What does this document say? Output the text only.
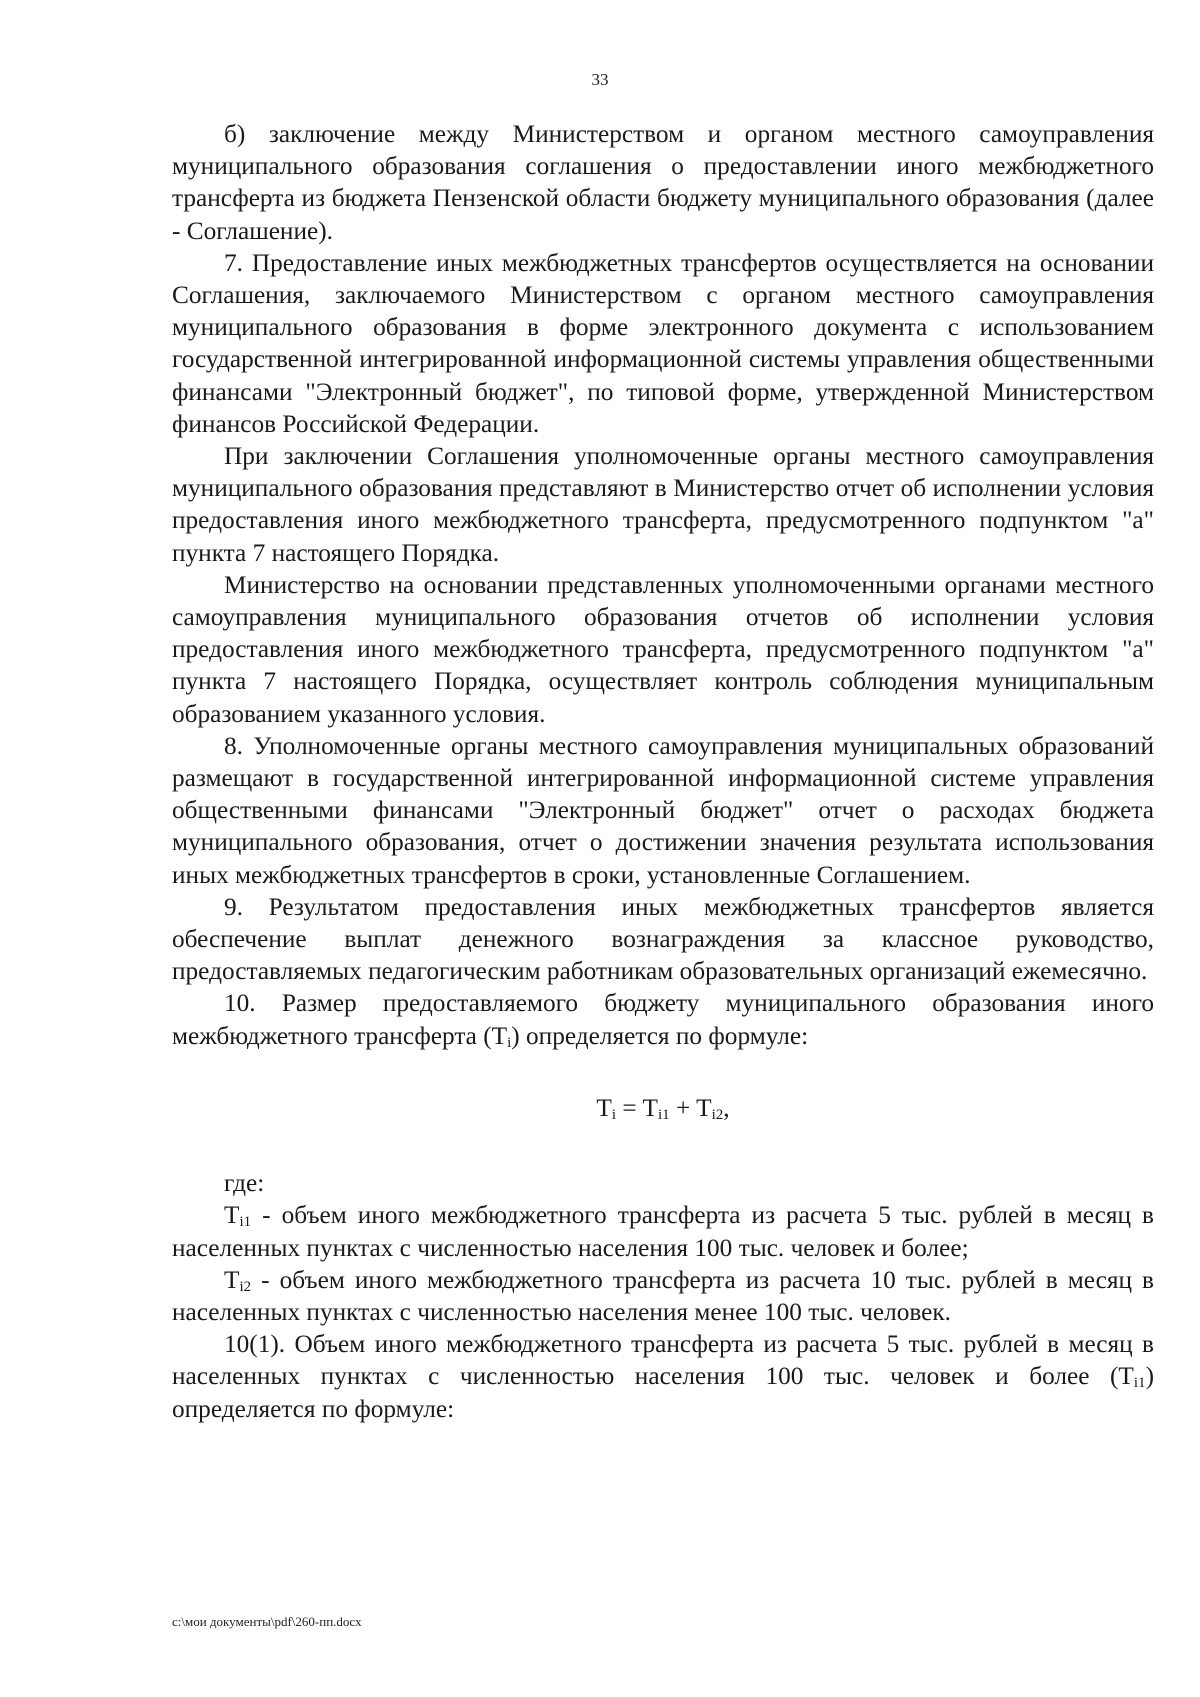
33

б) заключение между Министерством и органом местного самоуправления муниципального образования соглашения о предоставлении иного межбюджетного трансферта из бюджета Пензенской области бюджету муниципального образования (далее - Соглашение).

7. Предоставление иных межбюджетных трансфертов осуществляется на основании Соглашения, заключаемого Министерством с органом местного самоуправления муниципального образования в форме электронного документа с использованием государственной интегрированной информационной системы управления общественными финансами "Электронный бюджет", по типовой форме, утвержденной Министерством финансов Российской Федерации.

При заключении Соглашения уполномоченные органы местного самоуправления муниципального образования представляют в Министерство отчет об исполнении условия предоставления иного межбюджетного трансферта, предусмотренного подпунктом "а" пункта 7 настоящего Порядка.

Министерство на основании представленных уполномоченными органами местного самоуправления муниципального образования отчетов об исполнении условия предоставления иного межбюджетного трансферта, предусмотренного подпунктом "а" пункта 7 настоящего Порядка, осуществляет контроль соблюдения муниципальным образованием указанного условия.

8. Уполномоченные органы местного самоуправления муниципальных образований размещают в государственной интегрированной информационной системе управления общественными финансами "Электронный бюджет" отчет о расходах бюджета муниципального образования, отчет о достижении значения результата использования иных межбюджетных трансфертов в сроки, установленные Соглашением.

9. Результатом предоставления иных межбюджетных трансфертов является обеспечение выплат денежного вознаграждения за классное руководство, предоставляемых педагогическим работникам образовательных организаций ежемесячно.

10. Размер предоставляемого бюджету муниципального образования иного межбюджетного трансферта $(T_i)$ определяется по формуле:

$T_i = T_{i1} + T_{i2}$,

где:

$T_{i1}$ - объем иного межбюджетного трансферта из расчета 5 тыс. рублей в месяц в населенных пунктах с численностью населения 100 тыс. человек и более;

$T_{i2}$ - объем иного межбюджетного трансферта из расчета 10 тыс. рублей в месяц в населенных пунктах с численностью населения менее 100 тыс. человек.

10(1). Объем иного межбюджетного трансферта из расчета 5 тыс. рублей в месяц в населенных пунктах с численностью населения 100 тыс. человек и более $(T_{i1})$ определяется по формуле:

c:\мои документы\pdf\260-пп.docx
